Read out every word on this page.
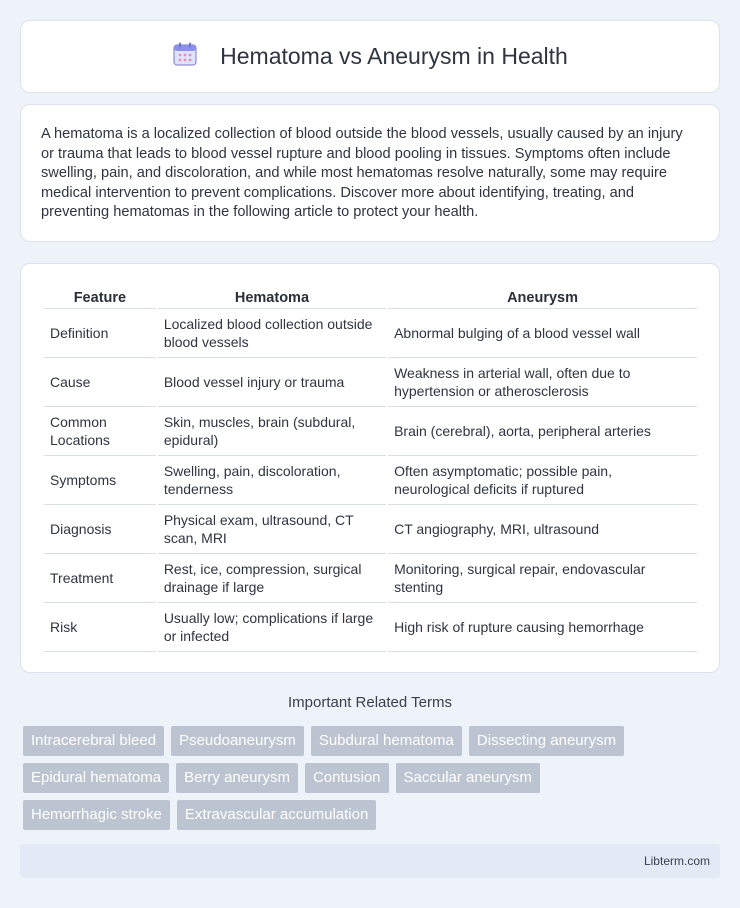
Hematoma vs Aneurysm in Health

A hematoma is a localized collection of blood outside the blood vessels, usually caused by an injury or trauma that leads to blood vessel rupture and blood pooling in tissues. Symptoms often include swelling, pain, and discoloration, and while most hematomas resolve naturally, some may require medical intervention to prevent complications. Discover more about identifying, treating, and preventing hematomas in the following article to protect your health.

Feature	Hematoma	Aneurysm
Definition	Localized blood collection outside blood vessels	Abnormal bulging of a blood vessel wall
Cause	Blood vessel injury or trauma	Weakness in arterial wall, often due to hypertension or atherosclerosis
Common Locations	Skin, muscles, brain (subdural, epidural)	Brain (cerebral), aorta, peripheral arteries
Symptoms	Swelling, pain, discoloration, tenderness	Often asymptomatic; possible pain, neurological deficits if ruptured
Diagnosis	Physical exam, ultrasound, CT scan, MRI	CT angiography, MRI, ultrasound
Treatment	Rest, ice, compression, surgical drainage if large	Monitoring, surgical repair, endovascular stenting
Risk	Usually low; complications if large or infected	High risk of rupture causing hemorrhage
Important Related Terms
Intracerebral bleed	Pseudoaneurysm	Subdural hematoma	Dissecting aneurysm
Epidural hematoma	Berry aneurysm	Contusion	Saccular aneurysm
Hemorrhagic stroke	Extravascular accumulation
Libterm.com
